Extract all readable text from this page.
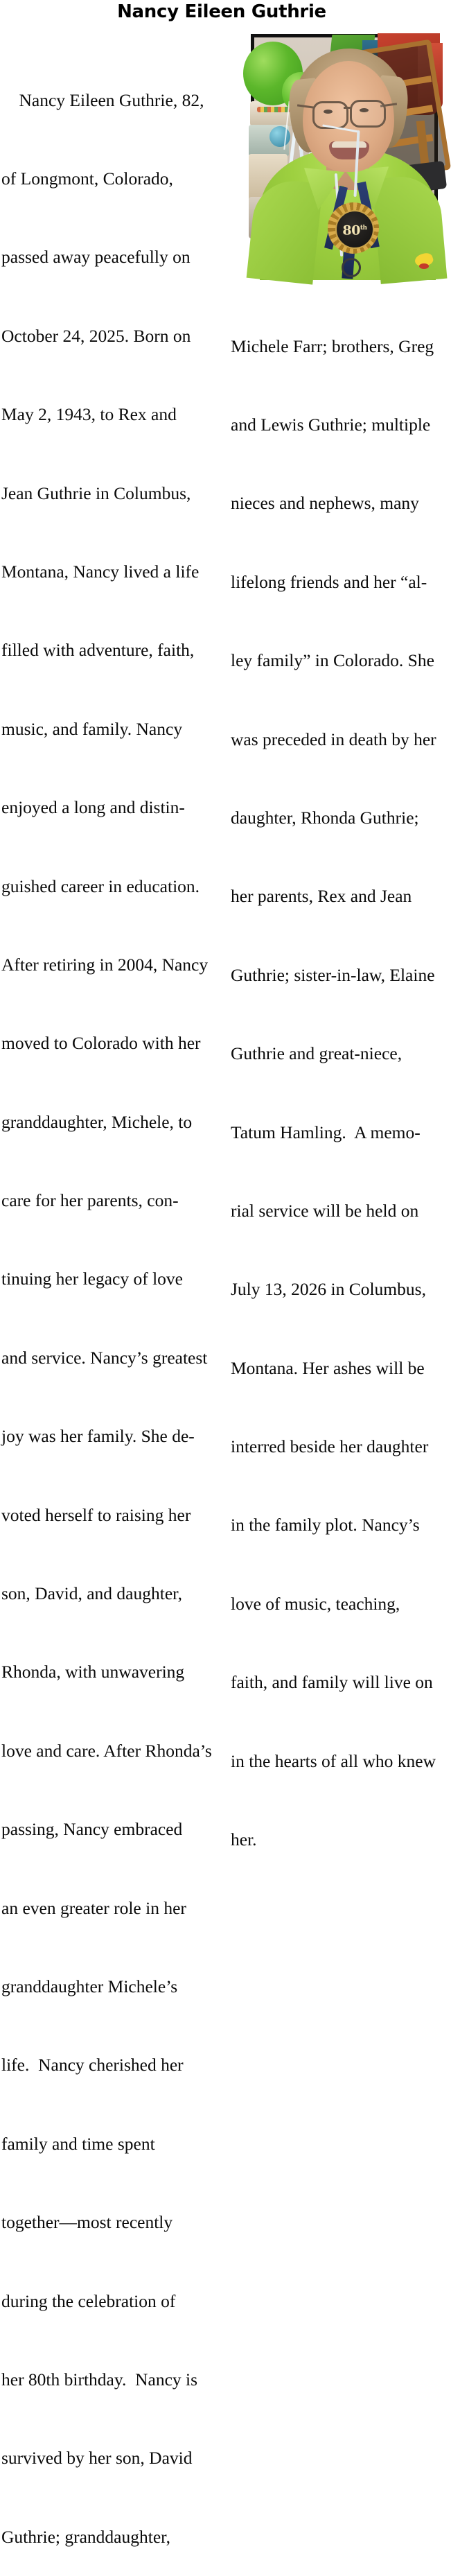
Nancy Eileen Guthrie
80th

Nancy Eileen Guthrie, 82,

of Longmont, Colorado,

passed away peacefully on

October 24, 2025. Born on

May 2, 1943, to Rex and

Jean Guthrie in Columbus,

Montana, Nancy lived a life

filled with adventure, faith,

music, and family. Nancy

enjoyed a long and distin-

guished career in education.

After retiring in 2004, Nancy

moved to Colorado with her

granddaughter, Michele, to

care for her parents, con-

tinuing her legacy of love

and service. Nancy’s greatest

joy was her family. She de-

voted herself to raising her

son, David, and daughter,

Rhonda, with unwavering

love and care. After Rhonda’s

passing, Nancy embraced

an even greater role in her

granddaughter Michele’s

life.  Nancy cherished her

family and time spent

together—most recently

during the celebration of

her 80th birthday.  Nancy is

survived by her son, David

Guthrie; granddaughter,

Michele Farr; brothers, Greg

and Lewis Guthrie; multiple

nieces and nephews, many

lifelong friends and her “al-

ley family” in Colorado. She

was preceded in death by her

daughter, Rhonda Guthrie;

her parents, Rex and Jean

Guthrie; sister-in-law, Elaine

Guthrie and great-niece,

Tatum Hamling.  A memo-

rial service will be held on

July 13, 2026 in Columbus,

Montana. Her ashes will be

interred beside her daughter

in the family plot. Nancy’s

love of music, teaching,

faith, and family will live on

in the hearts of all who knew

her.
